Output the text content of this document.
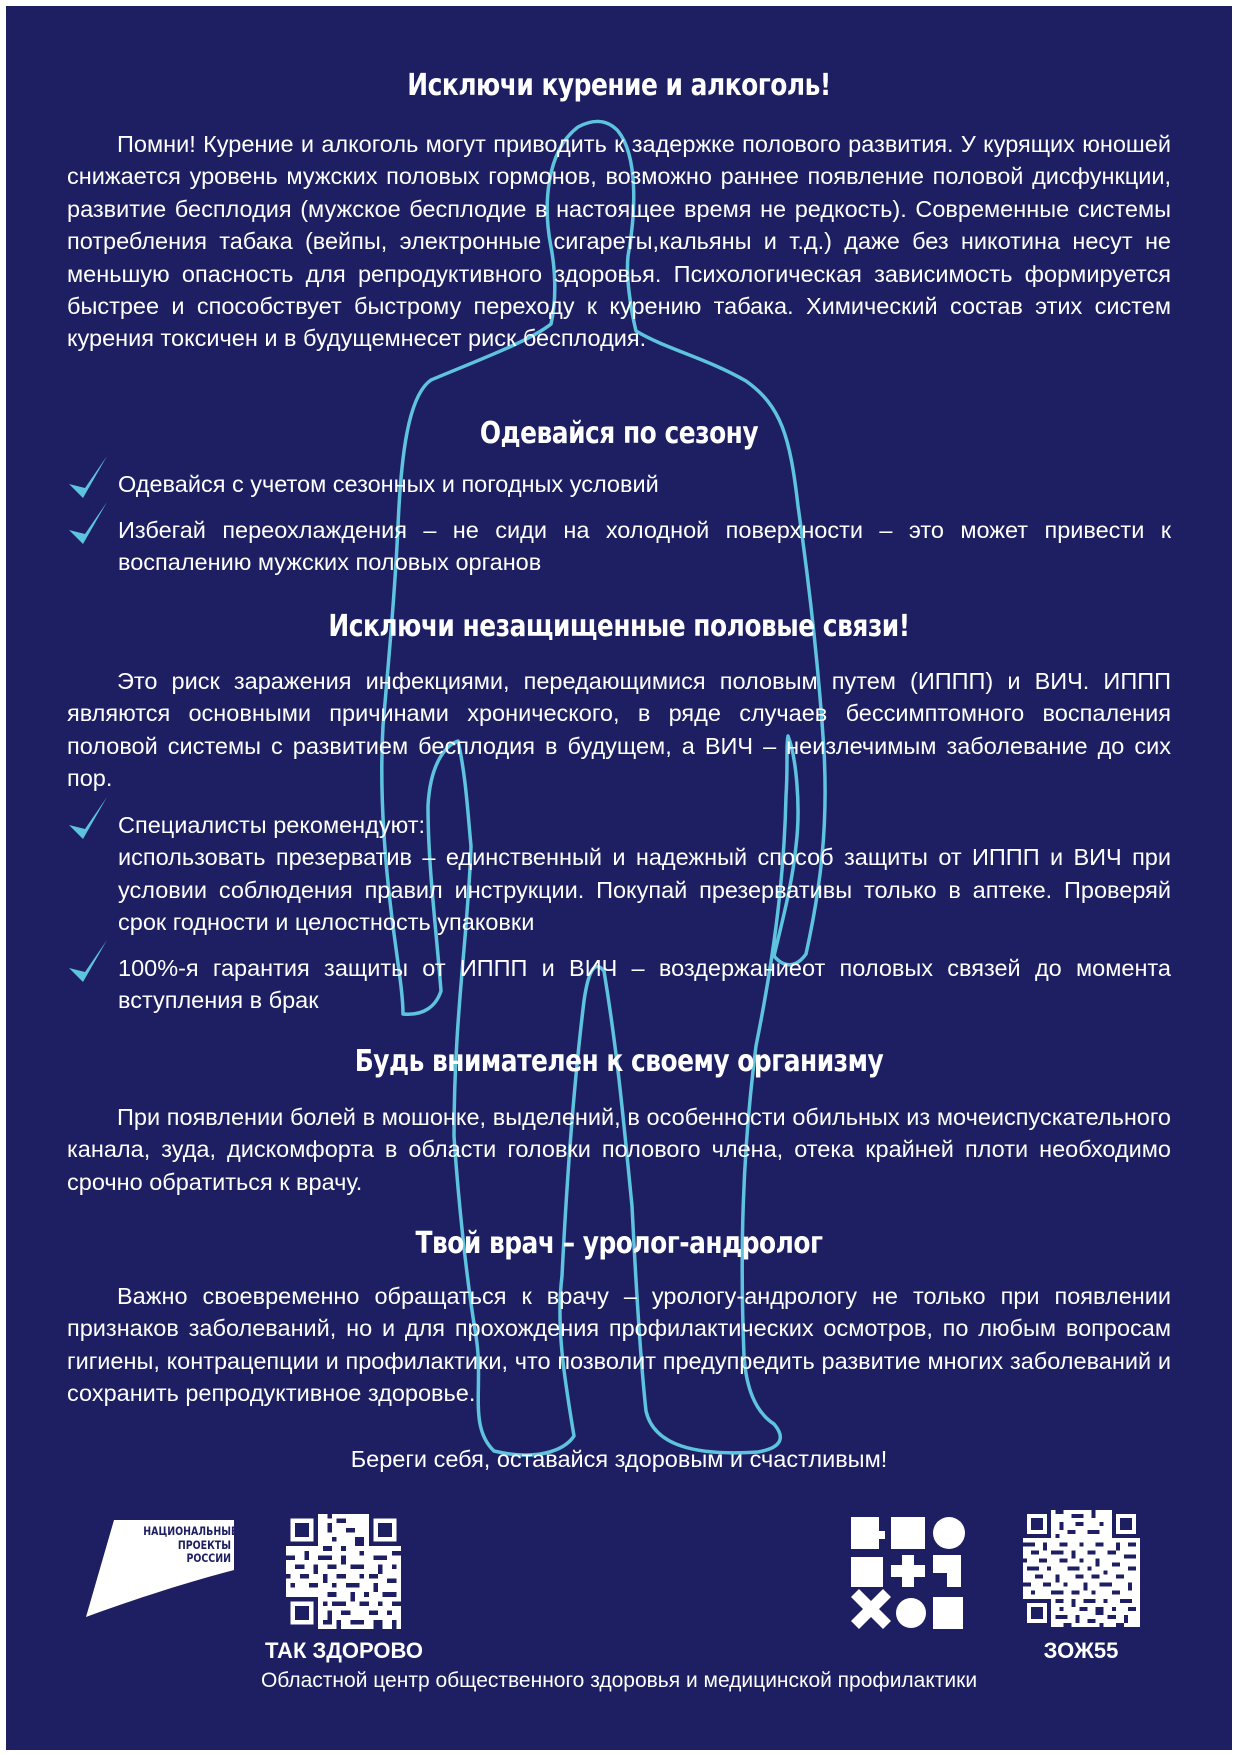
Исключи курение и алкоголь!

Помни! Курение и алкоголь могут приводить к задержке полового развития. У курящих юношей снижается уровень мужских половых гормонов, возможно раннее появление половой дисфункции, развитие бесплодия (мужское бесплодие в настоящее время не редкость). Современные системы потребления табака (вейпы, электронные сигареты,кальяны и т.д.) даже без никотина несут не меньшую опасность для репродуктивного здоровья. Психологическая зависимость формируется быстрее и способствует быстрому переходу к курению табака. Химический состав этих систем курения токсичен и в будущемнесет риск бесплодия.

Одевайся по сезону
Одевайся с учетом сезонных и погодных условий
Избегай переохлаждения – не сиди на холодной поверхности – это может привести к воспалению мужских половых органов
Исключи незащищенные половые связи!

Это риск заражения инфекциями, передающимися половым путем (ИППП) и ВИЧ. ИППП являются основными причинами хронического, в ряде случаев бессимптомного воспаления половой системы с развитием бесплодия в будущем, а ВИЧ – неизлечимым заболевание до сих пор.

Специалисты рекомендуют:
использовать презерватив – единственный и надежный способ защиты от ИППП и ВИЧ при условии соблюдения правил инструкции. Покупай презервативы только в аптеке. Проверяй срок годности и целостность упаковки
100%-я гарантия защиты от ИППП и ВИЧ – воздержаниеот половых связей до момента вступления в брак
Будь внимателен к своему организму

При появлении болей в мошонке, выделений, в особенности обильных из мочеиспускательного канала, зуда, дискомфорта в области головки полового члена, отека крайней плоти необходимо срочно обратиться к врачу.

Твой врач – уролог-андролог

Важно своевременно обращаться к врачу – урологу-андрологу не только при появлении признаков заболеваний, но и для прохождения профилактических осмотров, по любым вопросам гигиены, контрацепции и профилактики, что позволит предупредить развитие многих заболеваний и сохранить репродуктивное здоровье.

Береги себя, оставайся здоровым и счастливым!

НАЦИОНАЛЬНЫЕ
ПРОЕКТЫ
РОССИИ
ТАК ЗДОРОВО	ЗОЖ55
Областной центр общественного здоровья и медицинской профилактики
